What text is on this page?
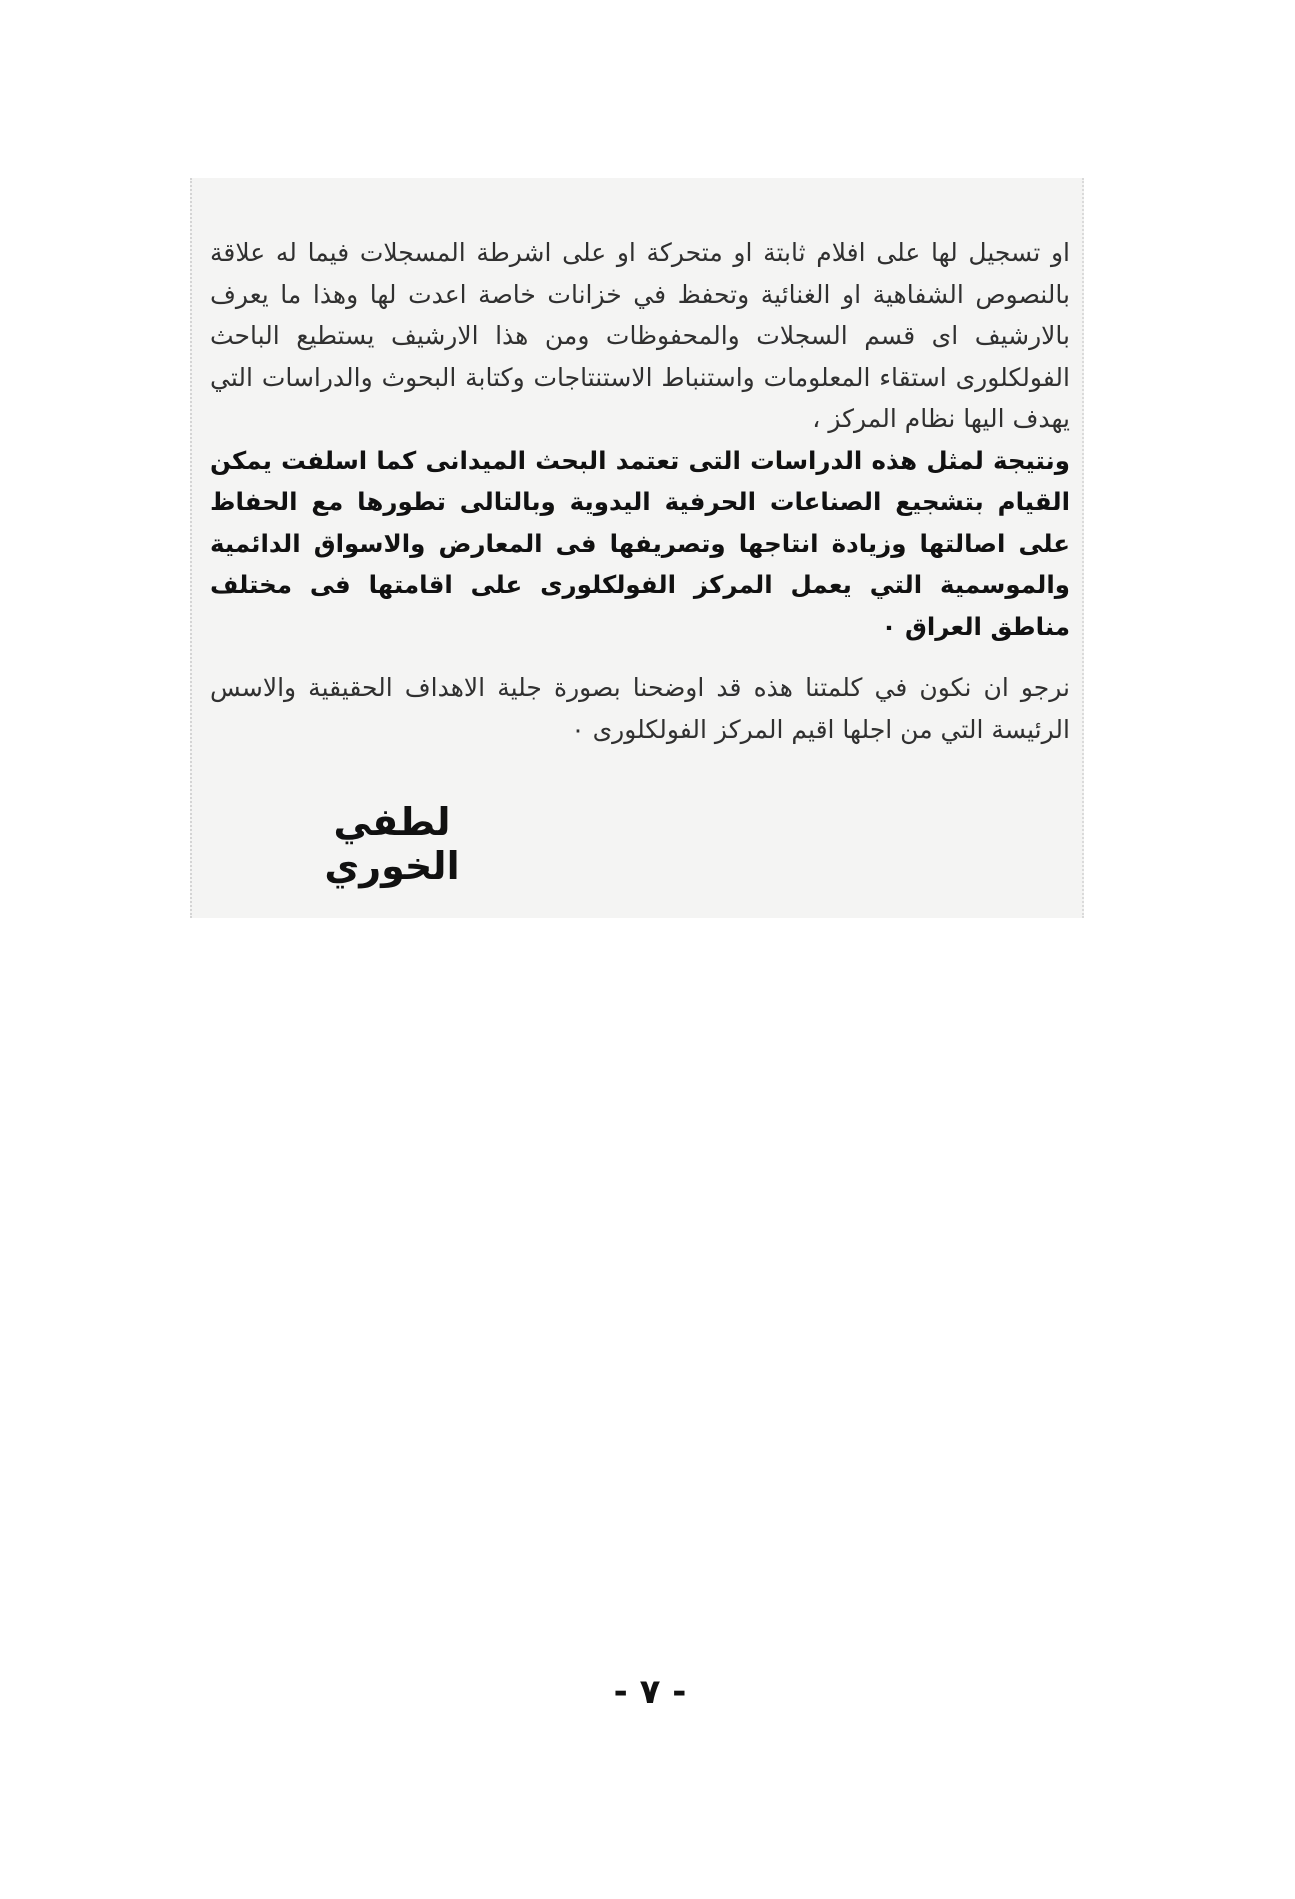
او تسجيل لها على افلام ثابتة او متحركة او على اشرطة المسجلات فيما له علاقة بالنصوص الشفاهية او الغنائية وتحفظ في خزانات خاصة اعدت لها وهذا ما يعرف بالارشيف اى قسم السجلات والمحفوظات ومن هذا الارشيف يستطيع الباحث الفولكلورى استقاء المعلومات واستنباط الاستنتاجات وكتابة البحوث والدراسات التي يهدف اليها نظام المركز ،

ونتيجة لمثل هذه الدراسات التى تعتمد البحث الميدانى كما اسلفت يمكن القيام بتشجيع الصناعات الحرفية اليدوية وبالتالى تطورها مع الحفاظ على اصالتها وزيادة انتاجها وتصريفها فى المعارض والاسواق الدائمية والموسمية التي يعمل المركز الفولكلورى على اقامتها فى مختلف مناطق العراق ٠

نرجو ان نكون في كلمتنا هذه قد اوضحنا بصورة جلية الاهداف الحقيقية والاسس الرئيسة التي من اجلها اقيم المركز الفولكلورى ٠

لطفي الخوري
- ٧ -
